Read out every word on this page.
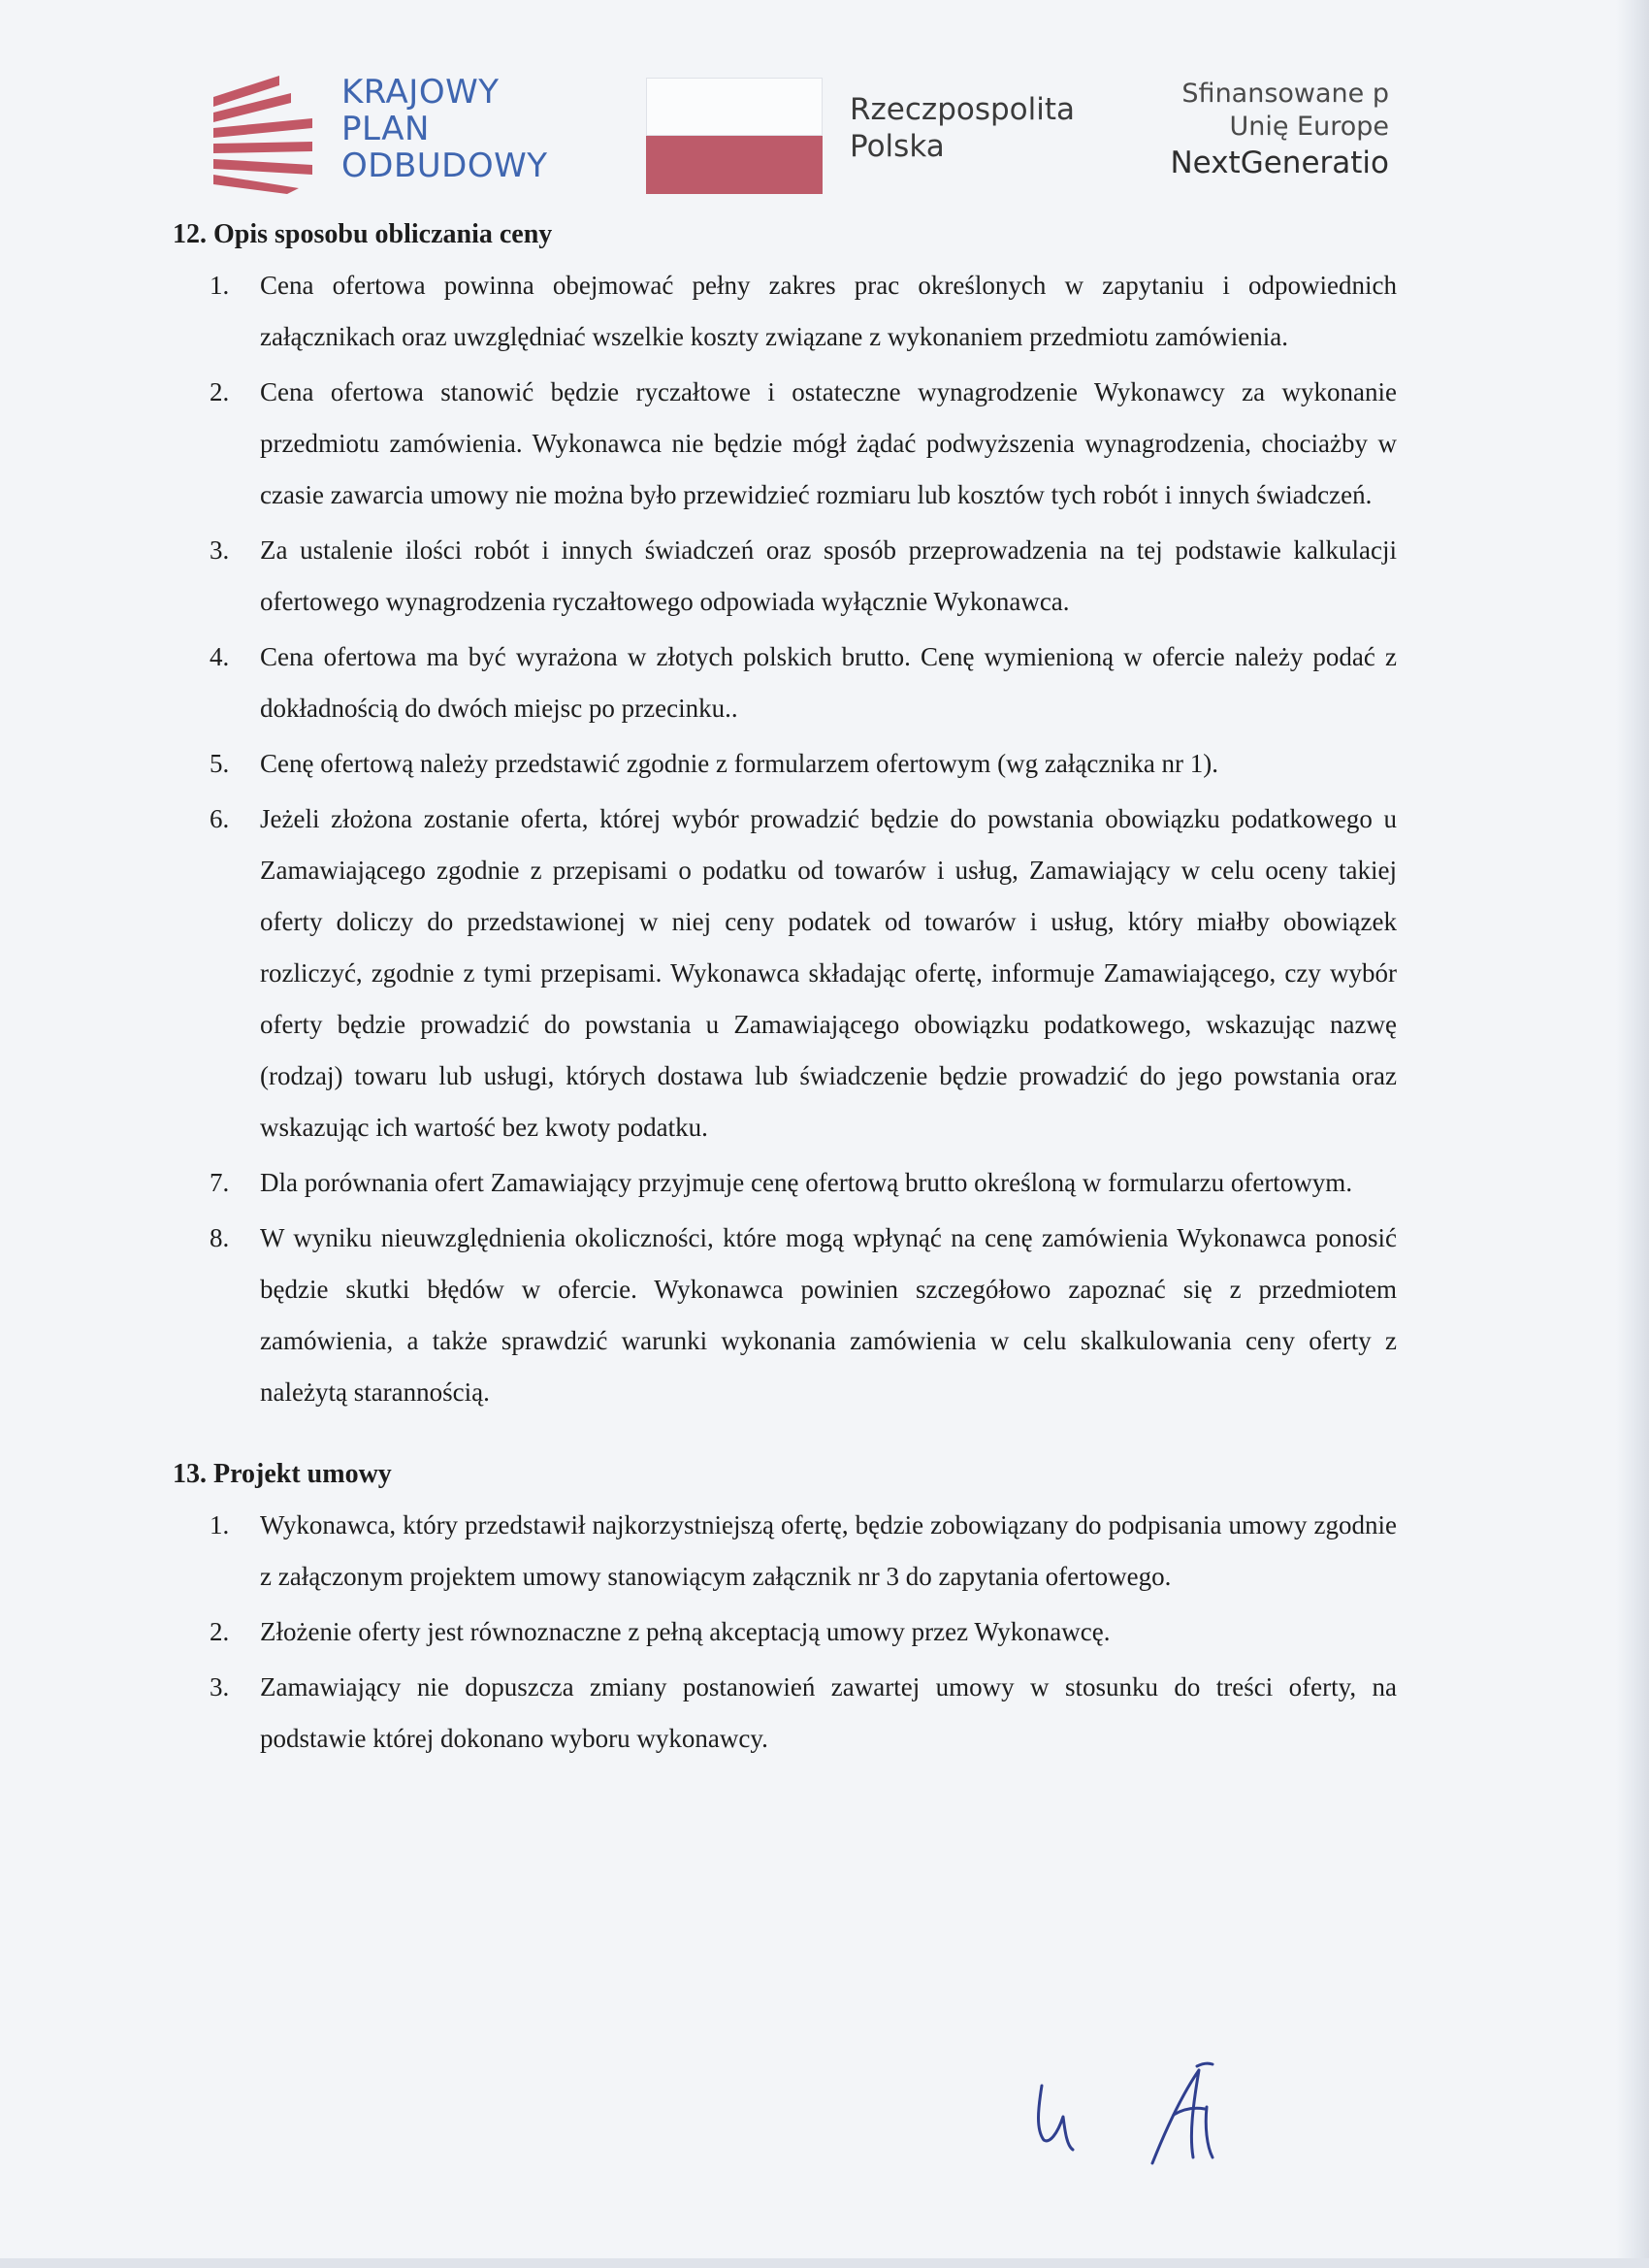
KRAJOWY
PLAN
ODBUDOWY
Rzeczpospolita
Polska
Sfinansowane p
Unię Europe
NextGeneratio
12. Opis sposobu obliczania ceny
1. Cena ofertowa powinna obejmować pełny zakres prac określonych w zapytaniu i odpowiednich załącznikach oraz uwzględniać wszelkie koszty związane z wykonaniem przedmiotu zamówienia.
2. Cena ofertowa stanowić będzie ryczałtowe i ostateczne wynagrodzenie Wykonawcy za wykonanie przedmiotu zamówienia. Wykonawca nie będzie mógł żądać podwyższenia wynagrodzenia, chociażby w czasie zawarcia umowy nie można było przewidzieć rozmiaru lub kosztów tych robót i innych świadczeń.
3. Za ustalenie ilości robót i innych świadczeń oraz sposób przeprowadzenia na tej podstawie kalkulacji ofertowego wynagrodzenia ryczałtowego odpowiada wyłącznie Wykonawca.
4. Cena ofertowa ma być wyrażona w złotych polskich brutto. Cenę wymienioną w ofercie należy podać z dokładnością do dwóch miejsc po przecinku..
5. Cenę ofertową należy przedstawić zgodnie z formularzem ofertowym (wg załącznika nr 1).
6. Jeżeli złożona zostanie oferta, której wybór prowadzić będzie do powstania obowiązku podatkowego u Zamawiającego zgodnie z przepisami o podatku od towarów i usług, Zamawiający w celu oceny takiej oferty doliczy do przedstawionej w niej ceny podatek od towarów i usług, który miałby obowiązek rozliczyć, zgodnie z tymi przepisami. Wykonawca składając ofertę, informuje Zamawiającego, czy wybór oferty będzie prowadzić do powstania u Zamawiającego obowiązku podatkowego, wskazując nazwę (rodzaj) towaru lub usługi, których dostawa lub świadczenie będzie prowadzić do jego powstania oraz wskazując ich wartość bez kwoty podatku.
7. Dla porównania ofert Zamawiający przyjmuje cenę ofertową brutto określoną w formularzu ofertowym.
8. W wyniku nieuwzględnienia okoliczności, które mogą wpłynąć na cenę zamówienia Wykonawca ponosić będzie skutki błędów w ofercie. Wykonawca powinien szczegółowo zapoznać się z przedmiotem zamówienia, a także sprawdzić warunki wykonania zamówienia w celu skalkulowania ceny oferty z należytą starannością.
13. Projekt umowy
1. Wykonawca, który przedstawił najkorzystniejszą ofertę, będzie zobowiązany do podpisania umowy zgodnie z załączonym projektem umowy stanowiącym załącznik nr 3 do zapytania ofertowego.
2. Złożenie oferty jest równoznaczne z pełną akceptacją umowy przez Wykonawcę.
3. Zamawiający nie dopuszcza zmiany postanowień zawartej umowy w stosunku do treści oferty, na podstawie której dokonano wyboru wykonawcy.
